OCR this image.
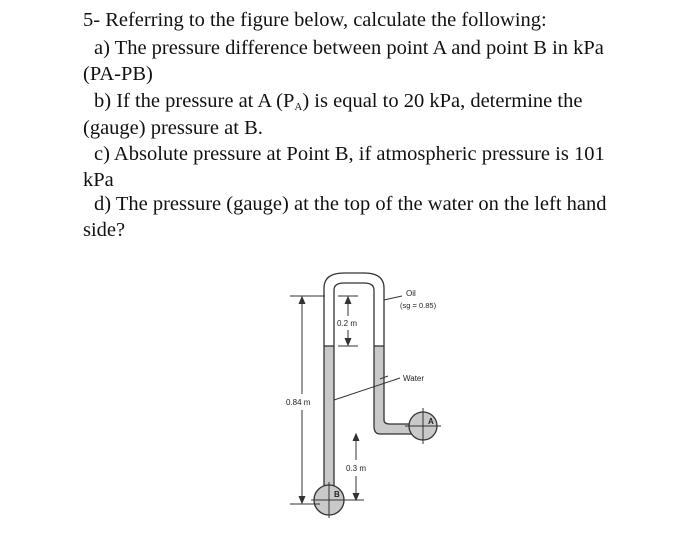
5- Referring to the figure below, calculate the following:
a) The pressure difference between point A and point B in kPa
(PA-PB)
b) If the pressure at A $(P_A)$ is equal to 20 kPa, determine the
(gauge) pressure at B.
c) Absolute pressure at Point B, if atmospheric pressure is 101
kPa
d) The pressure (gauge) at the top of the water on the left hand
side?
A
B
0.84 m
0.2 m
0.3 m
Oil
(sg = 0.85)
Water
